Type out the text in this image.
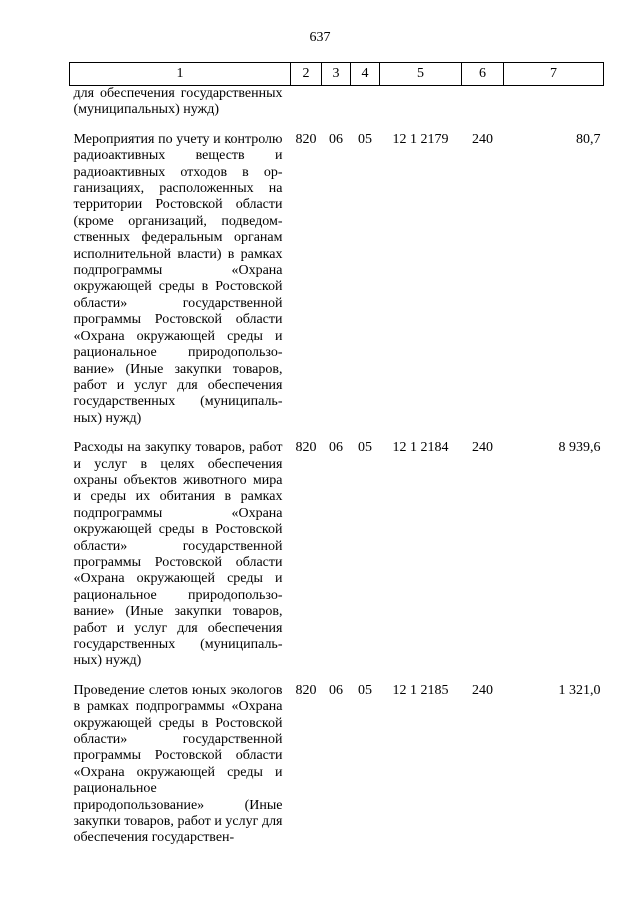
637
1	2	3	4	5	6	7
для обеспечения государственных (муниципальных) нужд)						

Мероприятия по учету и контролю радиоактивных веществ и радиоактивных отходов в организациях, расположенных на территории Ростовской области (кроме организаций, подведомственных федеральным органам исполнительной власти) в рамках подпрограммы «Охрана окружающей среды в Ростовской области» государственной программы Ростовской области «Охрана окружающей среды и рациональное природопользование» (Иные закупки товаров, работ и услуг для обеспечения государственных (муниципальных) нужд)	820	06	05	12 1 2179	240	80,7

Расходы на закупку товаров, работ и услуг в целях обеспечения охраны объектов животного мира и среды их обитания в рамках подпрограммы «Охрана окружающей среды в Ростовской области» государственной программы Ростовской области «Охрана окружающей среды и рациональное природопользование» (Иные закупки товаров, работ и услуг для обеспечения государственных (муниципальных) нужд)	820	06	05	12 1 2184	240	8 939,6

Проведение слетов юных экологов в рамках подпрограммы «Охрана окружающей среды в Ростовской области» государственной программы Ростовской области «Охрана окружающей среды и рациональное природопользование» (Иные закупки товаров, работ и услуг для обеспечения государствен-	820	06	05	12 1 2185	240	1 321,0
